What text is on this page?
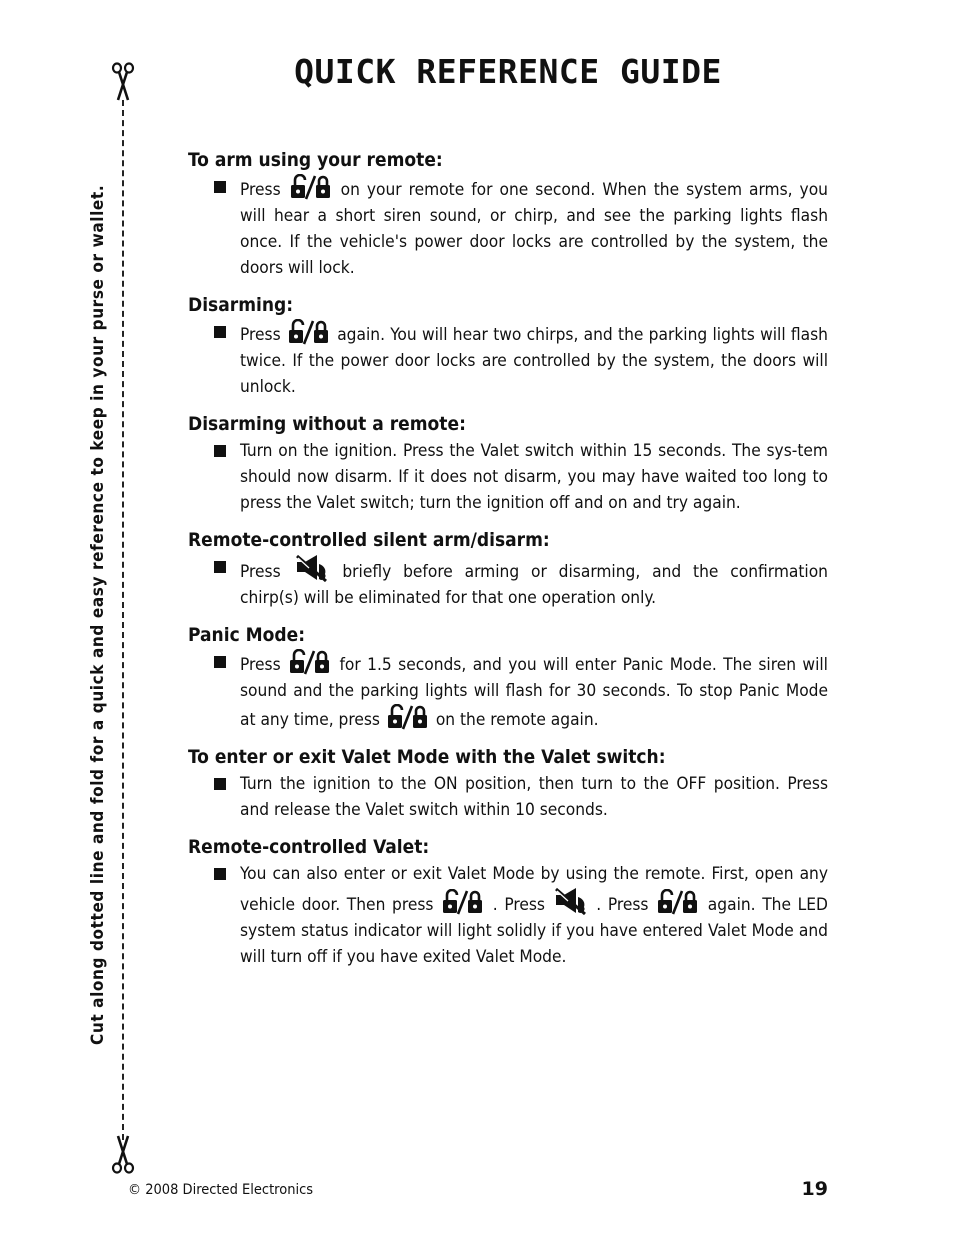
QUICK REFERENCE GUIDE
Cut along dotted line and fold for a quick and easy reference to keep in your purse or wallet.
To arm using your remote:
Press	on your remote for one second. When the system arms, you will hear a short siren sound, or chirp, and see the parking lights flash once. If the vehicle's power door locks are controlled by the system, the doors will lock.
Disarming:
Press	again. You will hear two chirps, and the parking lights will flash twice. If the power door locks are controlled by the system, the doors will unlock.
Disarming without a remote:
Turn on the ignition. Press the Valet switch within 15 seconds. The sys-tem should now disarm. If it does not disarm, you may have waited too long to press the Valet switch; turn the ignition off and on and try again.
Remote-controlled silent arm/disarm:
Press	briefly before arming or disarming, and the confirmation chirp(s) will be eliminated for that one operation only.
Panic Mode:
Press	for 1.5 seconds, and you will enter Panic Mode. The siren will sound and the parking lights will flash for 30 seconds. To stop Panic Mode at any time, press	on the remote again.
To enter or exit Valet Mode with the Valet switch:
Turn the ignition to the ON position, then turn to the OFF position. Press and release the Valet switch within 10 seconds.
Remote-controlled Valet:
You can also enter or exit Valet Mode by using the remote. First, open any vehicle door. Then press	. Press	. Press	again. The LED system status indicator will light solidly if you have entered Valet Mode and will turn off if you have exited Valet Mode.
© 2008 Directed Electronics	19
